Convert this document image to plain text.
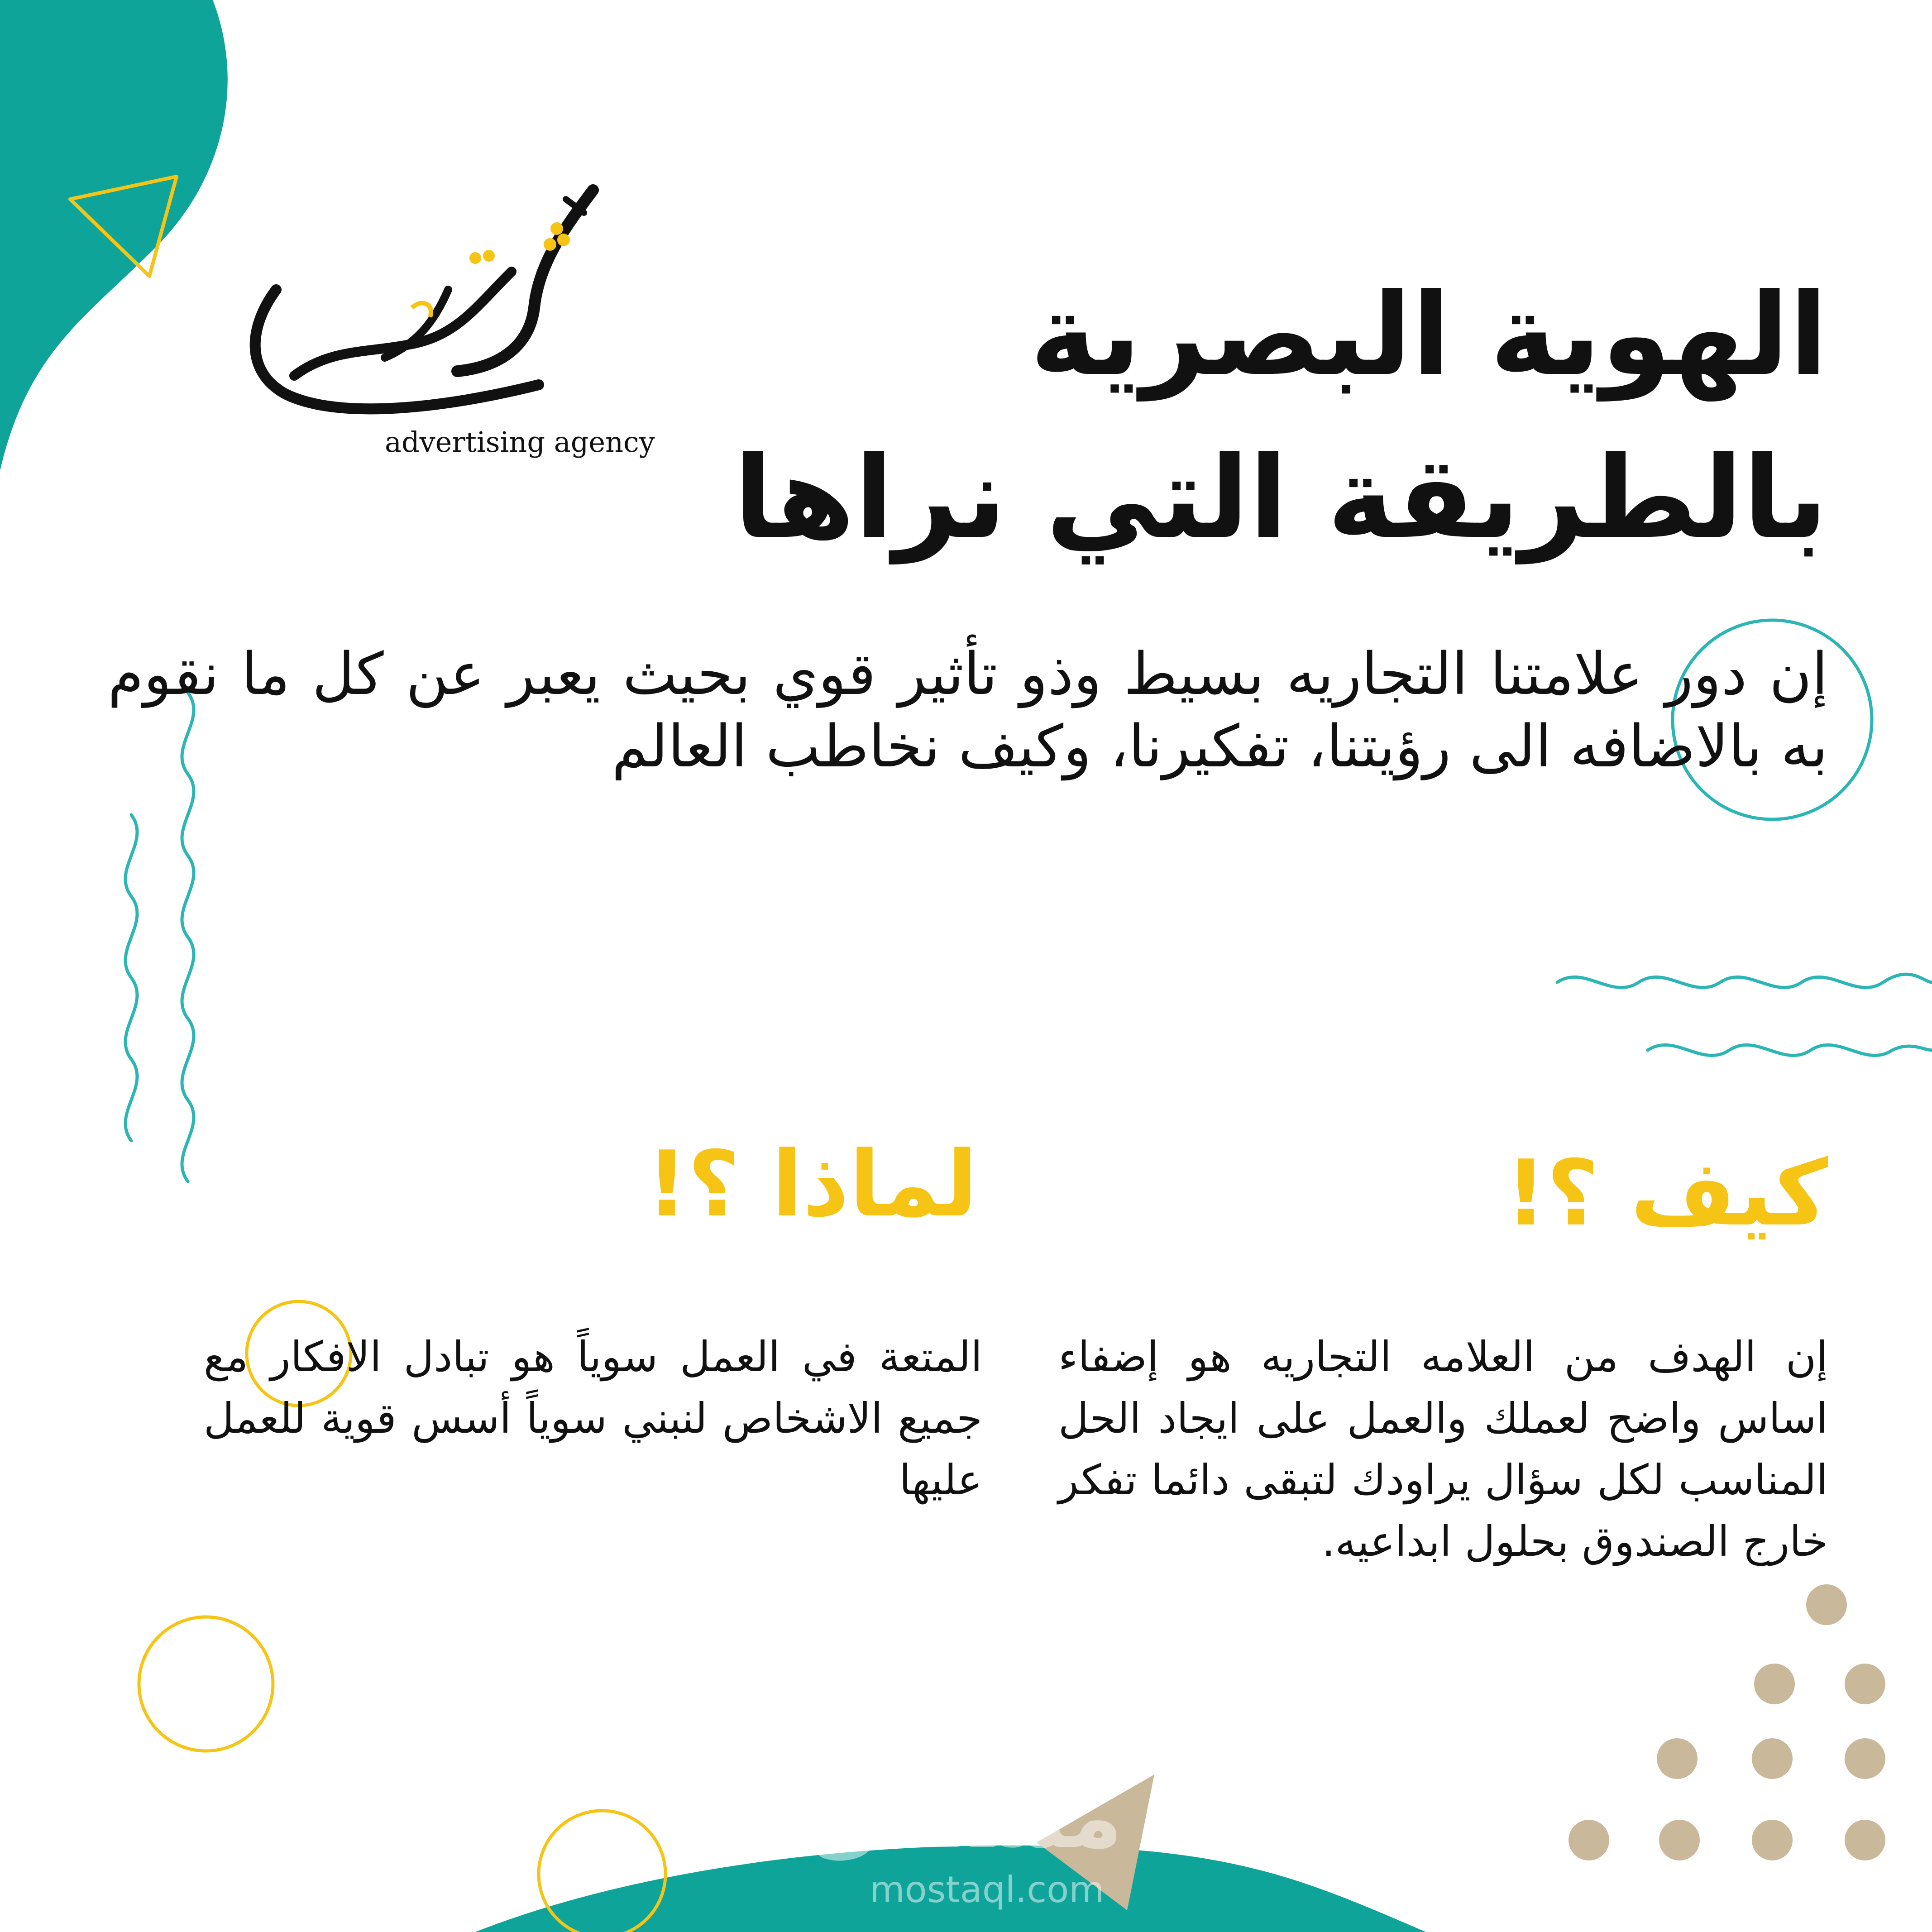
advertising agency
الهوية البصرية
بالطريقة التي نراها
إن دور علامتنا التجاريه بسيط وذو تأثير قوي بحيث يعبر عن كل ما نقوم به بالاضافه الى رؤيتنا، تفكيرنا، وكيف نخاطب العالم
كيف ؟!
إن الهدف من العلامه التجاريه هو إضفاء اساس واضح لعملك والعمل على ايجاد الحل المناسب لكل سؤال يراودك لتبقى دائما تفكر خارج الصندوق بحلول ابداعيه.
لماذا ؟!
المتعة في العمل سوياً هو تبادل الافكار مع جميع الاشخاص لنبني سوياً أسس قوية للعمل عليها
مستقل
mostaql.com
